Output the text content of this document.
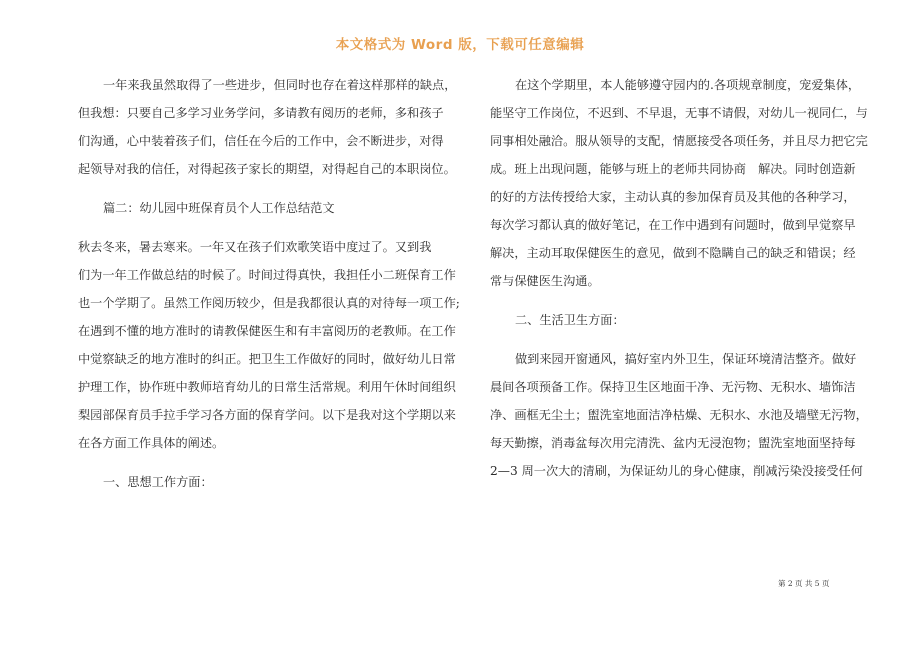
本文格式为 Word 版，下载可任意编辑
一年来我虽然取得了一些进步，但同时也存在着这样那样的缺点，
但我想：只要自己多学习业务学问，多请教有阅历的老师，多和孩子
们沟通，心中装着孩子们，信任在今后的工作中，会不断进步，对得
起领导对我的信任，对得起孩子家长的期望，对得起自己的本职岗位。
篇二：幼儿园中班保育员个人工作总结范文
秋去冬来，暑去寒来。一年又在孩子们欢歌笑语中度过了。又到我
们为一年工作做总结的时候了。时间过得真快，我担任小二班保育工作
也一个学期了。虽然工作阅历较少，但是我都很认真的对待每一项工作;
在遇到不懂的地方准时的请教保健医生和有丰富阅历的老教师。在工作
中觉察缺乏的地方准时的纠正。把卫生工作做好的同时，做好幼儿日常
护理工作，协作班中教师培育幼儿的日常生活常规。利用午休时间组织
梨园部保育员手拉手学习各方面的保育学问。以下是我对这个学期以来
在各方面工作具体的阐述。
一、思想工作方面：
在这个学期里，本人能够遵守园内的.各项规章制度，宠爱集体，
能坚守工作岗位，不迟到、不早退，无事不请假，对幼儿一视同仁，与
同事相处融洽。服从领导的支配，情愿接受各项任务，并且尽力把它完
成。班上出现问题，能够与班上的老师共同协商　解决。同时创造新
的好的方法传授给大家，主动认真的参加保育员及其他的各种学习，
每次学习都认真的做好笔记，在工作中遇到有问题时，做到早觉察早
解决，主动耳取保健医生的意见，做到不隐瞒自己的缺乏和错误；经
常与保健医生沟通。
二、生活卫生方面：
做到来园开窗通风，搞好室内外卫生，保证环境清洁整齐。做好
晨间各项预备工作。保持卫生区地面干净、无污物、无积水、墙饰洁
净、画框无尘土；盥洗室地面洁净枯燥、无积水、水池及墙壁无污物，
每天勤擦，消毒盆每次用完清洗、盆内无浸泡物；盥洗室地面坚持每
2—3 周一次大的清刷，为保证幼儿的身心健康，削减污染没接受任何
第 2 页 共 5 页
